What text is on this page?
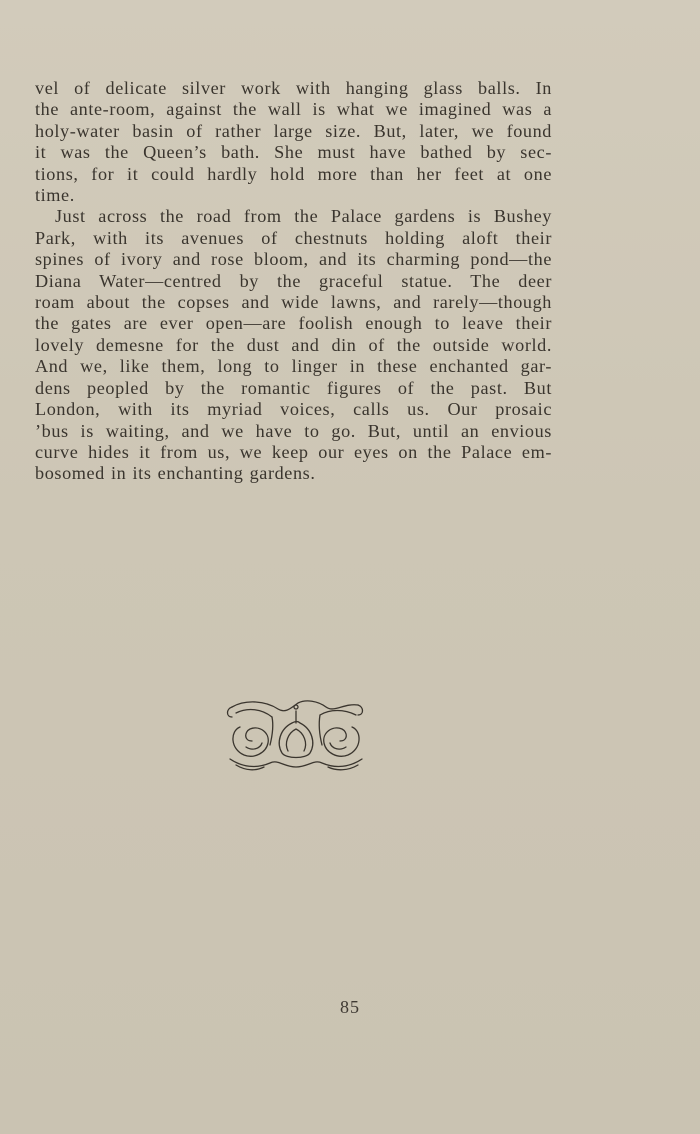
vel of delicate silver work with hanging glass balls. In
the ante-room, against the wall is what we imagined was a
holy-water basin of rather large size. But, later, we found
it was the Queen’s bath. She must have bathed by sec-
tions, for it could hardly hold more than her feet at one
time.
Just across the road from the Palace gardens is Bushey
Park, with its avenues of chestnuts holding aloft their
spines of ivory and rose bloom, and its charming pond—the
Diana Water—centred by the graceful statue. The deer
roam about the copses and wide lawns, and rarely—though
the gates are ever open—are foolish enough to leave their
lovely demesne for the dust and din of the outside world.
And we, like them, long to linger in these enchanted gar-
dens peopled by the romantic figures of the past. But
London, with its myriad voices, calls us. Our prosaic
’bus is waiting, and we have to go. But, until an envious
curve hides it from us, we keep our eyes on the Palace em-
bosomed in its enchanting gardens.
85
